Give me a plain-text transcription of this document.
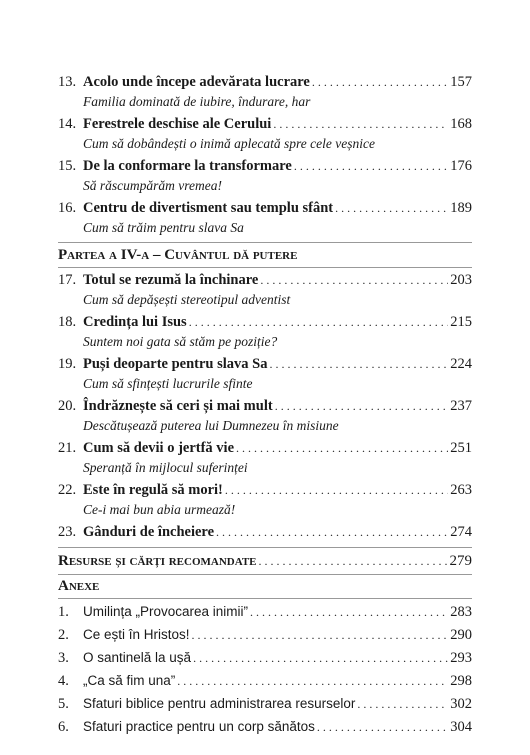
13. Acolo unde începe adevărata lucrare . . .	157
Familia dominată de iubire, îndurare, har
14. Ferestrele deschise ale Cerului . . .	168
Cum să dobândești o inimă aplecată spre cele veșnice
15. De la conformare la transformare . . .	176
Să răscumpărăm vremea!
16. Centru de divertisment sau templu sfânt . . .	189
Cum să trăim pentru slava Sa
Partea a IV-a – Cuvântul dă putere
17. Totul se rezumă la închinare . . .	203
Cum să depășești stereotipul adventist
18. Credința lui Isus . . .	215
Suntem noi gata să stăm pe poziție?
19. Puși deoparte pentru slava Sa . . .	224
Cum să sfințești lucrurile sfinte
20. Îndrăznește să ceri și mai mult . . .	237
Descătușează puterea lui Dumnezeu în misiune
21. Cum să devii o jertfă vie . . .	251
Speranță în mijlocul suferinței
22. Este în regulă să mori! . . .	263
Ce-i mai bun abia urmează!
23. Gânduri de încheiere . . .	274
Resurse și cărți recomandate . . .	279
Anexe
1.	Umilința „Provocarea inimii” . . .	283
2.	Ce ești în Hristos! . . .	290
3.	O santinelă la ușă . . .	293
4.	„Ca să fim una” . . .	298
5.	Sfaturi biblice pentru administrarea resurselor . . .	302
6.	Sfaturi practice pentru un corp sănătos . . .	304
